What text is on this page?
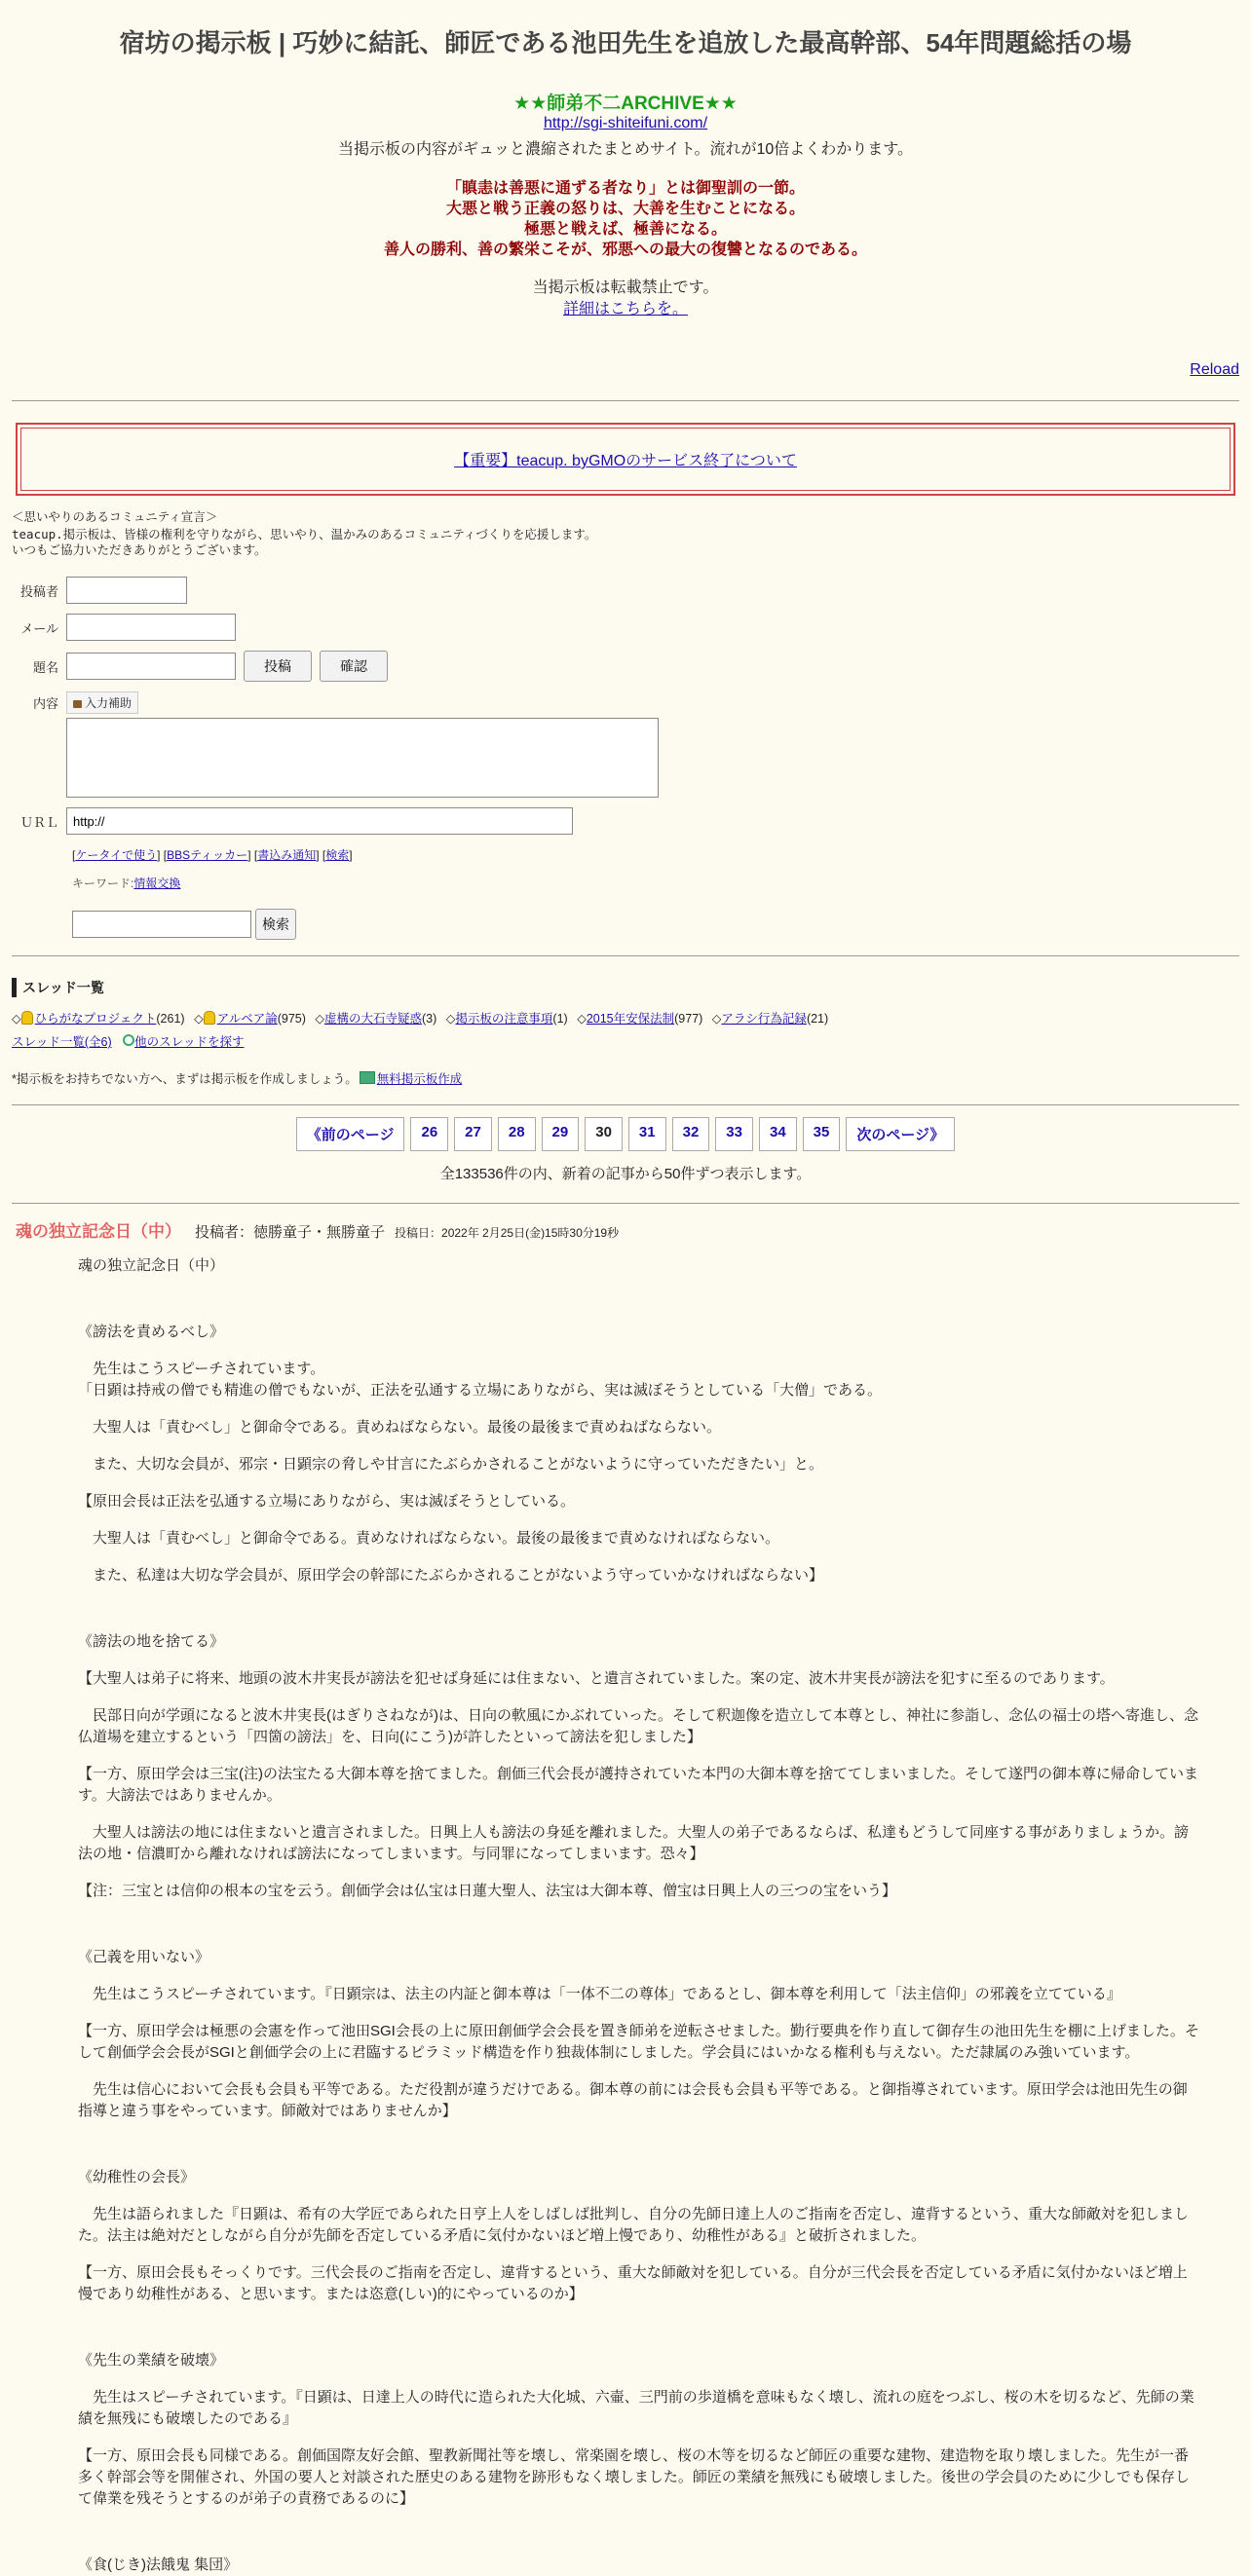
宿坊の掲示板 | 巧妙に結託、師匠である池田先生を追放した最高幹部、54年問題総括の場
★★師弟不二ARCHIVE★★
http://sgi-shiteifuni.com/
当掲示板の内容がギュッと濃縮されたまとめサイト。流れが10倍よくわかります。
「瞋恚は善悪に通ずる者なり」とは御聖訓の一節。
大悪と戦う正義の怒りは、大善を生むことになる。
極悪と戦えば、極善になる。
善人の勝利、善の繁栄こそが、邪悪への最大の復讐となるのである。
当掲示板は転載禁止です。
詳細はこちらを。
Reload
【重要】teacup. byGMOのサービス終了について
＜思いやりのあるコミュニティ宣言＞
teacup.掲示板は、皆様の権利を守りながら、思いやり、温かみのあるコミュニティづくりを応援します。
いつもご協力いただきありがとうございます。
投稿者
メール
題名	投稿	確認
内容	入力補助
ＵＲＬ
http://
[ケータイで使う] [BBSティッカー] [書込み通知] [検索]
キーワード:情報交換
検索
スレッド一覧
◇ ひらがなプロジェクト(261) ◇ アルベア論(975) ◇虚構の大石寺疑惑(3) ◇掲示板の注意事項(1) ◇2015年安保法制(977) ◇アラシ行為記録(21)
スレッド一覧(全6) 他のスレッドを探す
*掲示板をお持ちでない方へ、まずは掲示板を作成しましょう。 無料掲示板作成
《前のページ	26	27	28	29	30	31	32	33	34	35	次のページ》
全133536件の内、新着の記事から50件ずつ表示します。
魂の独立記念日（中） 投稿者：徳勝童子・無勝童子 投稿日：2022年 2月25日(金)15時30分19秒

魂の独立記念日（中）

《謗法を責めるべし》

　先生はこうスピーチされています。
「日顕は持戒の僧でも精進の僧でもないが、正法を弘通する立場にありながら、実は滅ぼそうとしている「大僧」である。

　大聖人は「責むべし」と御命令である。責めねばならない。最後の最後まで責めねばならない。

　また、大切な会員が、邪宗・日顕宗の脅しや甘言にたぶらかされることがないように守っていただきたい」と。

【原田会長は正法を弘通する立場にありながら、実は滅ぼそうとしている。

　大聖人は「責むべし」と御命令である。責めなければならない。最後の最後まで責めなければならない。

　また、私達は大切な学会員が、原田学会の幹部にたぶらかされることがないよう守っていかなければならない】

《謗法の地を捨てる》

【大聖人は弟子に将来、地頭の波木井実長が謗法を犯せば身延には住まない、と遺言されていました。案の定、波木井実長が謗法を犯すに至るのであります。

　民部日向が学頭になると波木井実長(はぎりさねなが)は、日向の軟風にかぶれていった。そして釈迦像を造立して本尊とし、神社に参詣し、念仏の福士の塔へ寄進し、念仏道場を建立するという「四箇の謗法」を、日向(にこう)が許したといって謗法を犯しました】

【一方、原田学会は三宝(注)の法宝たる大御本尊を捨てました。創価三代会長が護持されていた本門の大御本尊を捨ててしまいました。そして遂門の御本尊に帰命しています。大謗法ではありませんか。

　大聖人は謗法の地には住まないと遺言されました。日興上人も謗法の身延を離れました。大聖人の弟子であるならば、私達もどうして同座する事がありましょうか。謗法の地・信濃町から離れなければ謗法になってしまいます。与同罪になってしまいます。恐々】

【注：三宝とは信仰の根本の宝を云う。創価学会は仏宝は日蓮大聖人、法宝は大御本尊、僧宝は日興上人の三つの宝をいう】

《己義を用いない》

　先生はこうスピーチされています。『日顕宗は、法主の内証と御本尊は「一体不二の尊体」であるとし、御本尊を利用して「法主信仰」の邪義を立てている』

【一方、原田学会は極悪の会憲を作って池田SGI会長の上に原田創価学会会長を置き師弟を逆転させました。勤行要典を作り直して御存生の池田先生を棚に上げました。そして創価学会会長がSGIと創価学会の上に君臨するピラミッド構造を作り独裁体制にしました。学会員にはいかなる権利も与えない。ただ隷属のみ強いています。

　先生は信心において会長も会員も平等である。ただ役割が違うだけである。御本尊の前には会長も会員も平等である。と御指導されています。原田学会は池田先生の御指導と違う事をやっています。師敵対ではありませんか】

《幼稚性の会長》

　先生は語られました『日顕は、希有の大学匠であられた日亨上人をしばしば批判し、自分の先師日達上人のご指南を否定し、違背するという、重大な師敵対を犯しました。法主は絶対だとしながら自分が先師を否定している矛盾に気付かないほど増上慢であり、幼稚性がある』と破折されました。

【一方、原田会長もそっくりです。三代会長のご指南を否定し、違背するという、重大な師敵対を犯している。自分が三代会長を否定している矛盾に気付かないほど増上慢であり幼稚性がある、と思います。または恣意(しい)的にやっているのか】

《先生の業績を破壊》

　先生はスピーチされています。『日顕は、日達上人の時代に造られた大化城、六壷、三門前の歩道橋を意味もなく壊し、流れの庭をつぶし、桜の木を切るなど、先師の業績を無残にも破壊したのである』

【一方、原田会長も同様である。創価国際友好会館、聖教新聞社等を壊し、常楽園を壊し、桜の木等を切るなど師匠の重要な建物、建造物を取り壊しました。先生が一番多く幹部会等を開催され、外国の要人と対談された歴史のある建物を跡形もなく壊しました。師匠の業績を無残にも破壊しました。後世の学会員のために少しでも保存して偉業を残そうとするのが弟子の責務であるのに】

《食(じき)法餓鬼 集団》
